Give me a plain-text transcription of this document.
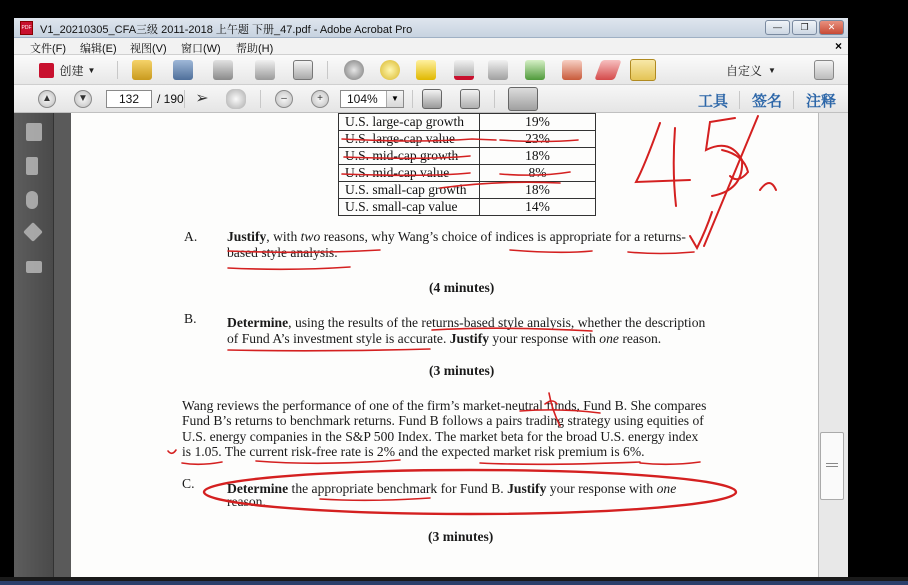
PDF V1_20210305_CFA三级 2011-2018 上午题 下册_47.pdf - Adobe Acrobat Pro	—	❐	✕
文件(F) 编辑(E) 视图(V) 窗口(W) 帮助(H)	×
创建 ▼	自定义 ▼
▲	▼	132	/ 190 ➢	–	+	104%	▼	工具 签名 注释
U.S. large-cap growth	19%
U.S. large-cap value	23%
U.S. mid-cap growth	18%
U.S. mid-cap value	8%
U.S. small-cap growth	18%
U.S. small-cap value	14%
A. Justify, with two reasons, why Wang’s choice of indices is appropriate for a returns-
based style analysis.
(4 minutes)
B. Determine, using the results of the returns-based style analysis, whether the description
of Fund A’s investment style is accurate. Justify your response with one reason.
(3 minutes)
Wang reviews the performance of one of the firm’s market-neutral funds, Fund B. She compares
Fund B’s returns to benchmark returns. Fund B follows a pairs trading strategy using equities of
U.S. energy companies in the S&P 500 Index. The market beta for the broad U.S. energy index
is 1.05. The current risk-free rate is 2% and the expected market risk premium is 6%.
C. Determine the appropriate benchmark for Fund B. Justify your response with one
reason.
(3 minutes)
